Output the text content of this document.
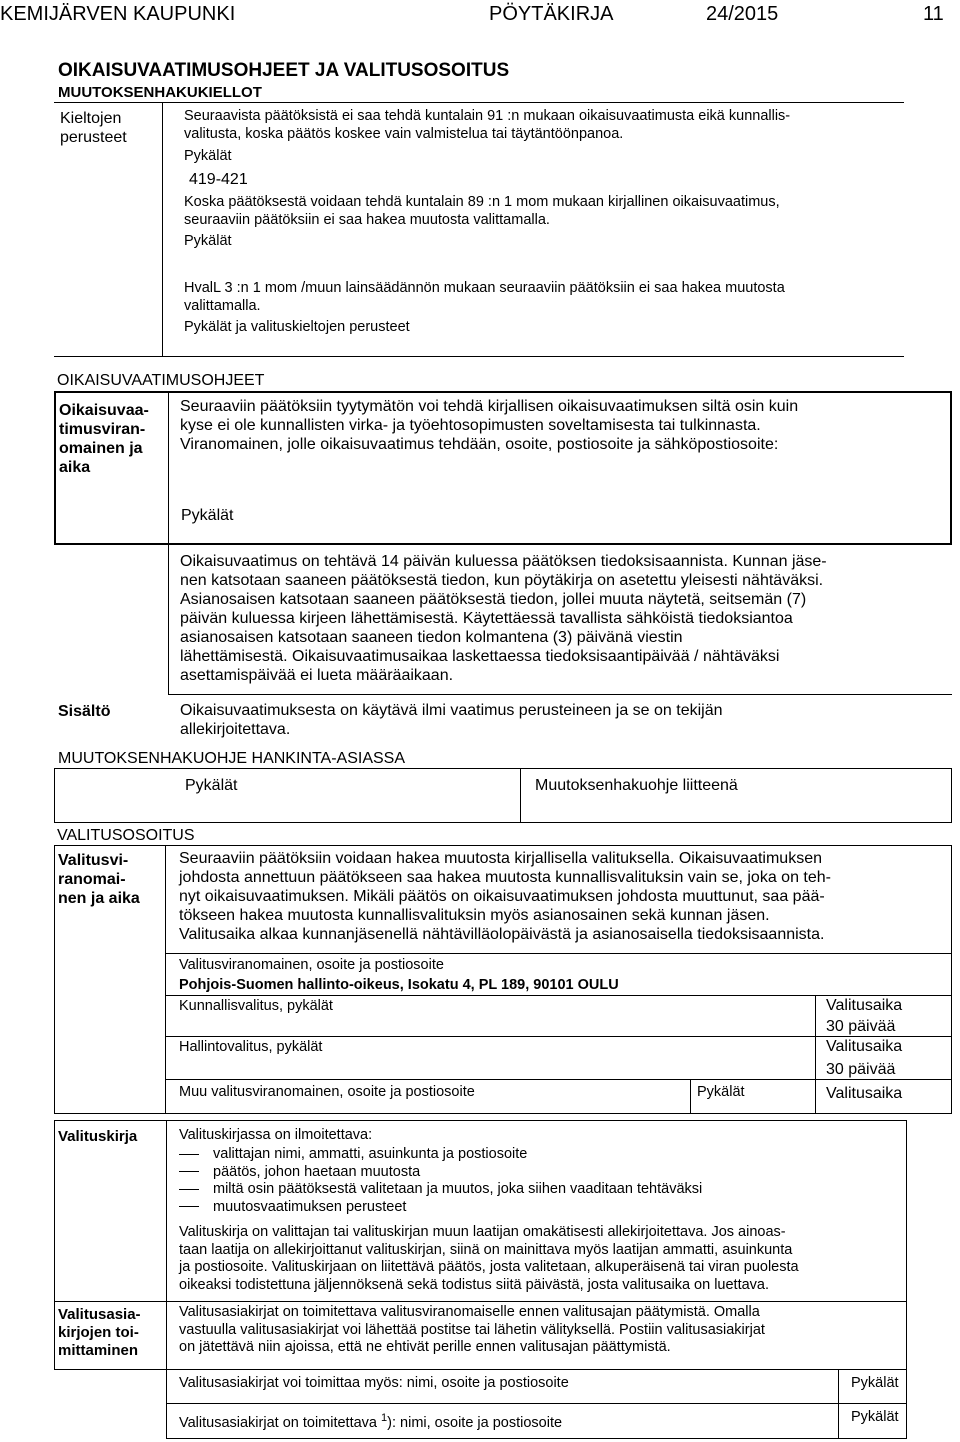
KEMIJÄRVEN KAUPUNKI	PÖYTÄKIRJA	24/2015	11
OIKAISUVAATIMUSOHJEET JA VALITUSOSOITUS
MUUTOKSENHAKUKIELLOT
Kieltojen
perusteet
Seuraavista päätöksistä ei saa tehdä kuntalain 91 :n mukaan oikaisuvaatimusta eikä kunnallis-
valitusta, koska päätös koskee vain valmistelua tai täytäntöönpanoa.
Pykälät
419-421
Koska päätöksestä voidaan tehdä kuntalain 89 :n 1 mom mukaan kirjallinen oikaisuvaatimus,
seuraaviin päätöksiin ei saa hakea muutosta valittamalla.
Pykälät
HvalL 3 :n 1 mom /muun lainsäädännön mukaan seuraaviin päätöksiin ei saa hakea muutosta
valittamalla.
Pykälät ja valituskieltojen perusteet
OIKAISUVAATIMUSOHJEET
Oikaisuvaa-
timusviran-
omainen ja
aika
Seuraaviin päätöksiin tyytymätön voi tehdä kirjallisen oikaisuvaatimuksen siltä osin kuin
kyse ei ole kunnallisten virka- ja työehtosopimusten soveltamisesta tai tulkinnasta.
Viranomainen, jolle oikaisuvaatimus tehdään, osoite, postiosoite ja sähköpostiosoite:
Pykälät
Oikaisuvaatimus on tehtävä 14 päivän kuluessa päätöksen tiedoksisaannista. Kunnan jäse-
nen katsotaan saaneen päätöksestä tiedon, kun pöytäkirja on asetettu yleisesti nähtäväksi.
Asianosaisen katsotaan saaneen päätöksestä tiedon, jollei muuta näytetä, seitsemän (7)
päivän kuluessa kirjeen lähettämisestä. Käytettäessä tavallista sähköistä tiedoksiantoa
asianosaisen katsotaan saaneen tiedon kolmantena (3) päivänä viestin
lähettämisestä. Oikaisuvaatimusaikaa laskettaessa tiedoksisaantipäivää / nähtäväksi
asettamispäivää ei lueta määräaikaan.
Sisältö	Oikaisuvaatimuksesta on käytävä ilmi vaatimus perusteineen ja se on tekijän
allekirjoitettava.
MUUTOKSENHAKUOHJE HANKINTA-ASIASSA
Pykälät	Muutoksenhakuohje liitteenä
VALITUSOSOITUS
Valitusvi-
ranomai-
nen ja aika
Seuraaviin päätöksiin voidaan hakea muutosta kirjallisella valituksella. Oikaisuvaatimuksen
johdosta annettuun päätökseen saa hakea muutosta kunnallisvalituksin vain se, joka on teh-
nyt oikaisuvaatimuksen. Mikäli päätös on oikaisuvaatimuksen johdosta muuttunut, saa pää-
tökseen hakea muutosta kunnallisvalituksin myös asianosainen sekä kunnan jäsen.
Valitusaika alkaa kunnanjäsenellä nähtävilläolopäivästä ja asianosaisella tiedoksisaannista.
Valitusviranomainen, osoite ja postiosoite
Pohjois-Suomen hallinto-oikeus, Isokatu 4, PL 189, 90101 OULU
Kunnallisvalitus, pykälät	Valitusaika
30 päivää
Hallintovalitus, pykälät	Valitusaika
30 päivää
Muu valitusviranomainen, osoite ja postiosoite	Pykälät	Valitusaika
Valituskirja	Valituskirjassa on ilmoitettava:
valittajan nimi, ammatti, asuinkunta ja postiosoite
päätös, johon haetaan muutosta
miltä osin päätöksestä valitetaan ja muutos, joka siihen vaaditaan tehtäväksi
muutosvaatimuksen perusteet
Valituskirja on valittajan tai valituskirjan muun laatijan omakätisesti allekirjoitettava. Jos ainoas-
taan laatija on allekirjoittanut valituskirjan, siinä on mainittava myös laatijan ammatti, asuinkunta
ja postiosoite. Valituskirjaan on liitettävä päätös, josta valitetaan, alkuperäisenä tai viran puolesta
oikeaksi todistettuna jäljennöksenä sekä todistus siitä päivästä, josta valitusaika on luettava.
Valitusasia-
kirjojen toi-
mittaminen
Valitusasiakirjat on toimitettava valitusviranomaiselle ennen valitusajan päätymistä. Omalla
vastuulla valitusasiakirjat voi lähettää postitse tai lähetin välityksellä. Postiin valitusasiakirjat
on jätettävä niin ajoissa, että ne ehtivät perille ennen valitusajan päättymistä.
Valitusasiakirjat voi toimittaa myös: nimi, osoite ja postiosoite	Pykälät
Valitusasiakirjat on toimitettava $^1$): nimi, osoite ja postiosoite	Pykälät
